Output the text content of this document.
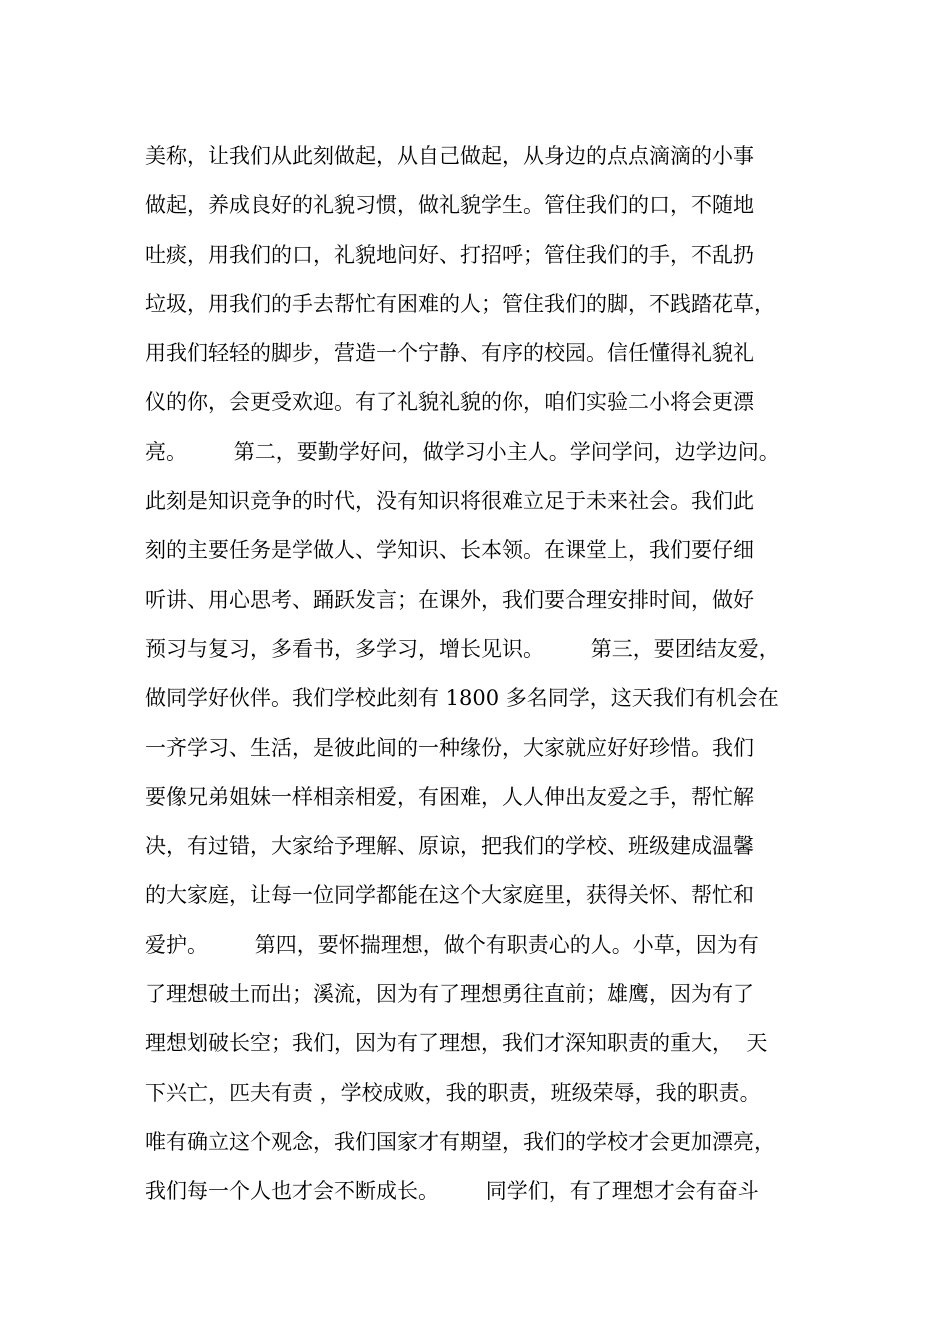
美称，让我们从此刻做起，从自己做起，从身边的点点滴滴的小事
做起，养成良好的礼貌习惯，做礼貌学生。管住我们的口，不随地
吐痰，用我们的口，礼貌地问好、打招呼；管住我们的手，不乱扔
垃圾，用我们的手去帮忙有困难的人；管住我们的脚，不践踏花草，
用我们轻轻的脚步，营造一个宁静、有序的校园。信任懂得礼貌礼
仪的你，会更受欢迎。有了礼貌礼貌的你，咱们实验二小将会更漂
亮。       第二，要勤学好问，做学习小主人。学问学问，边学边问。
此刻是知识竞争的时代，没有知识将很难立足于未来社会。我们此
刻的主要任务是学做人、学知识、长本领。在课堂上，我们要仔细
听讲、用心思考、踊跃发言；在课外，我们要合理安排时间，做好
预习与复习，多看书，多学习，增长见识。       第三，要团结友爱，
做同学好伙伴。我们学校此刻有 1800 多名同学，这天我们有机会在
一齐学习、生活，是彼此间的一种缘份，大家就应好好珍惜。我们
要像兄弟姐妹一样相亲相爱，有困难，人人伸出友爱之手，帮忙解
决，有过错，大家给予理解、原谅，把我们的学校、班级建成温馨
的大家庭，让每一位同学都能在这个大家庭里，获得关怀、帮忙和
爱护。       第四，要怀揣理想，做个有职责心的人。小草，因为有
了理想破土而出；溪流，因为有了理想勇往直前；雄鹰，因为有了
理想划破长空；我们，因为有了理想，我们才深知职责的重大，  天
下兴亡，匹夫有责 ，学校成败，我的职责，班级荣辱，我的职责。
唯有确立这个观念，我们国家才有期望，我们的学校才会更加漂亮，
我们每一个人也才会不断成长。       同学们，有了理想才会有奋斗
